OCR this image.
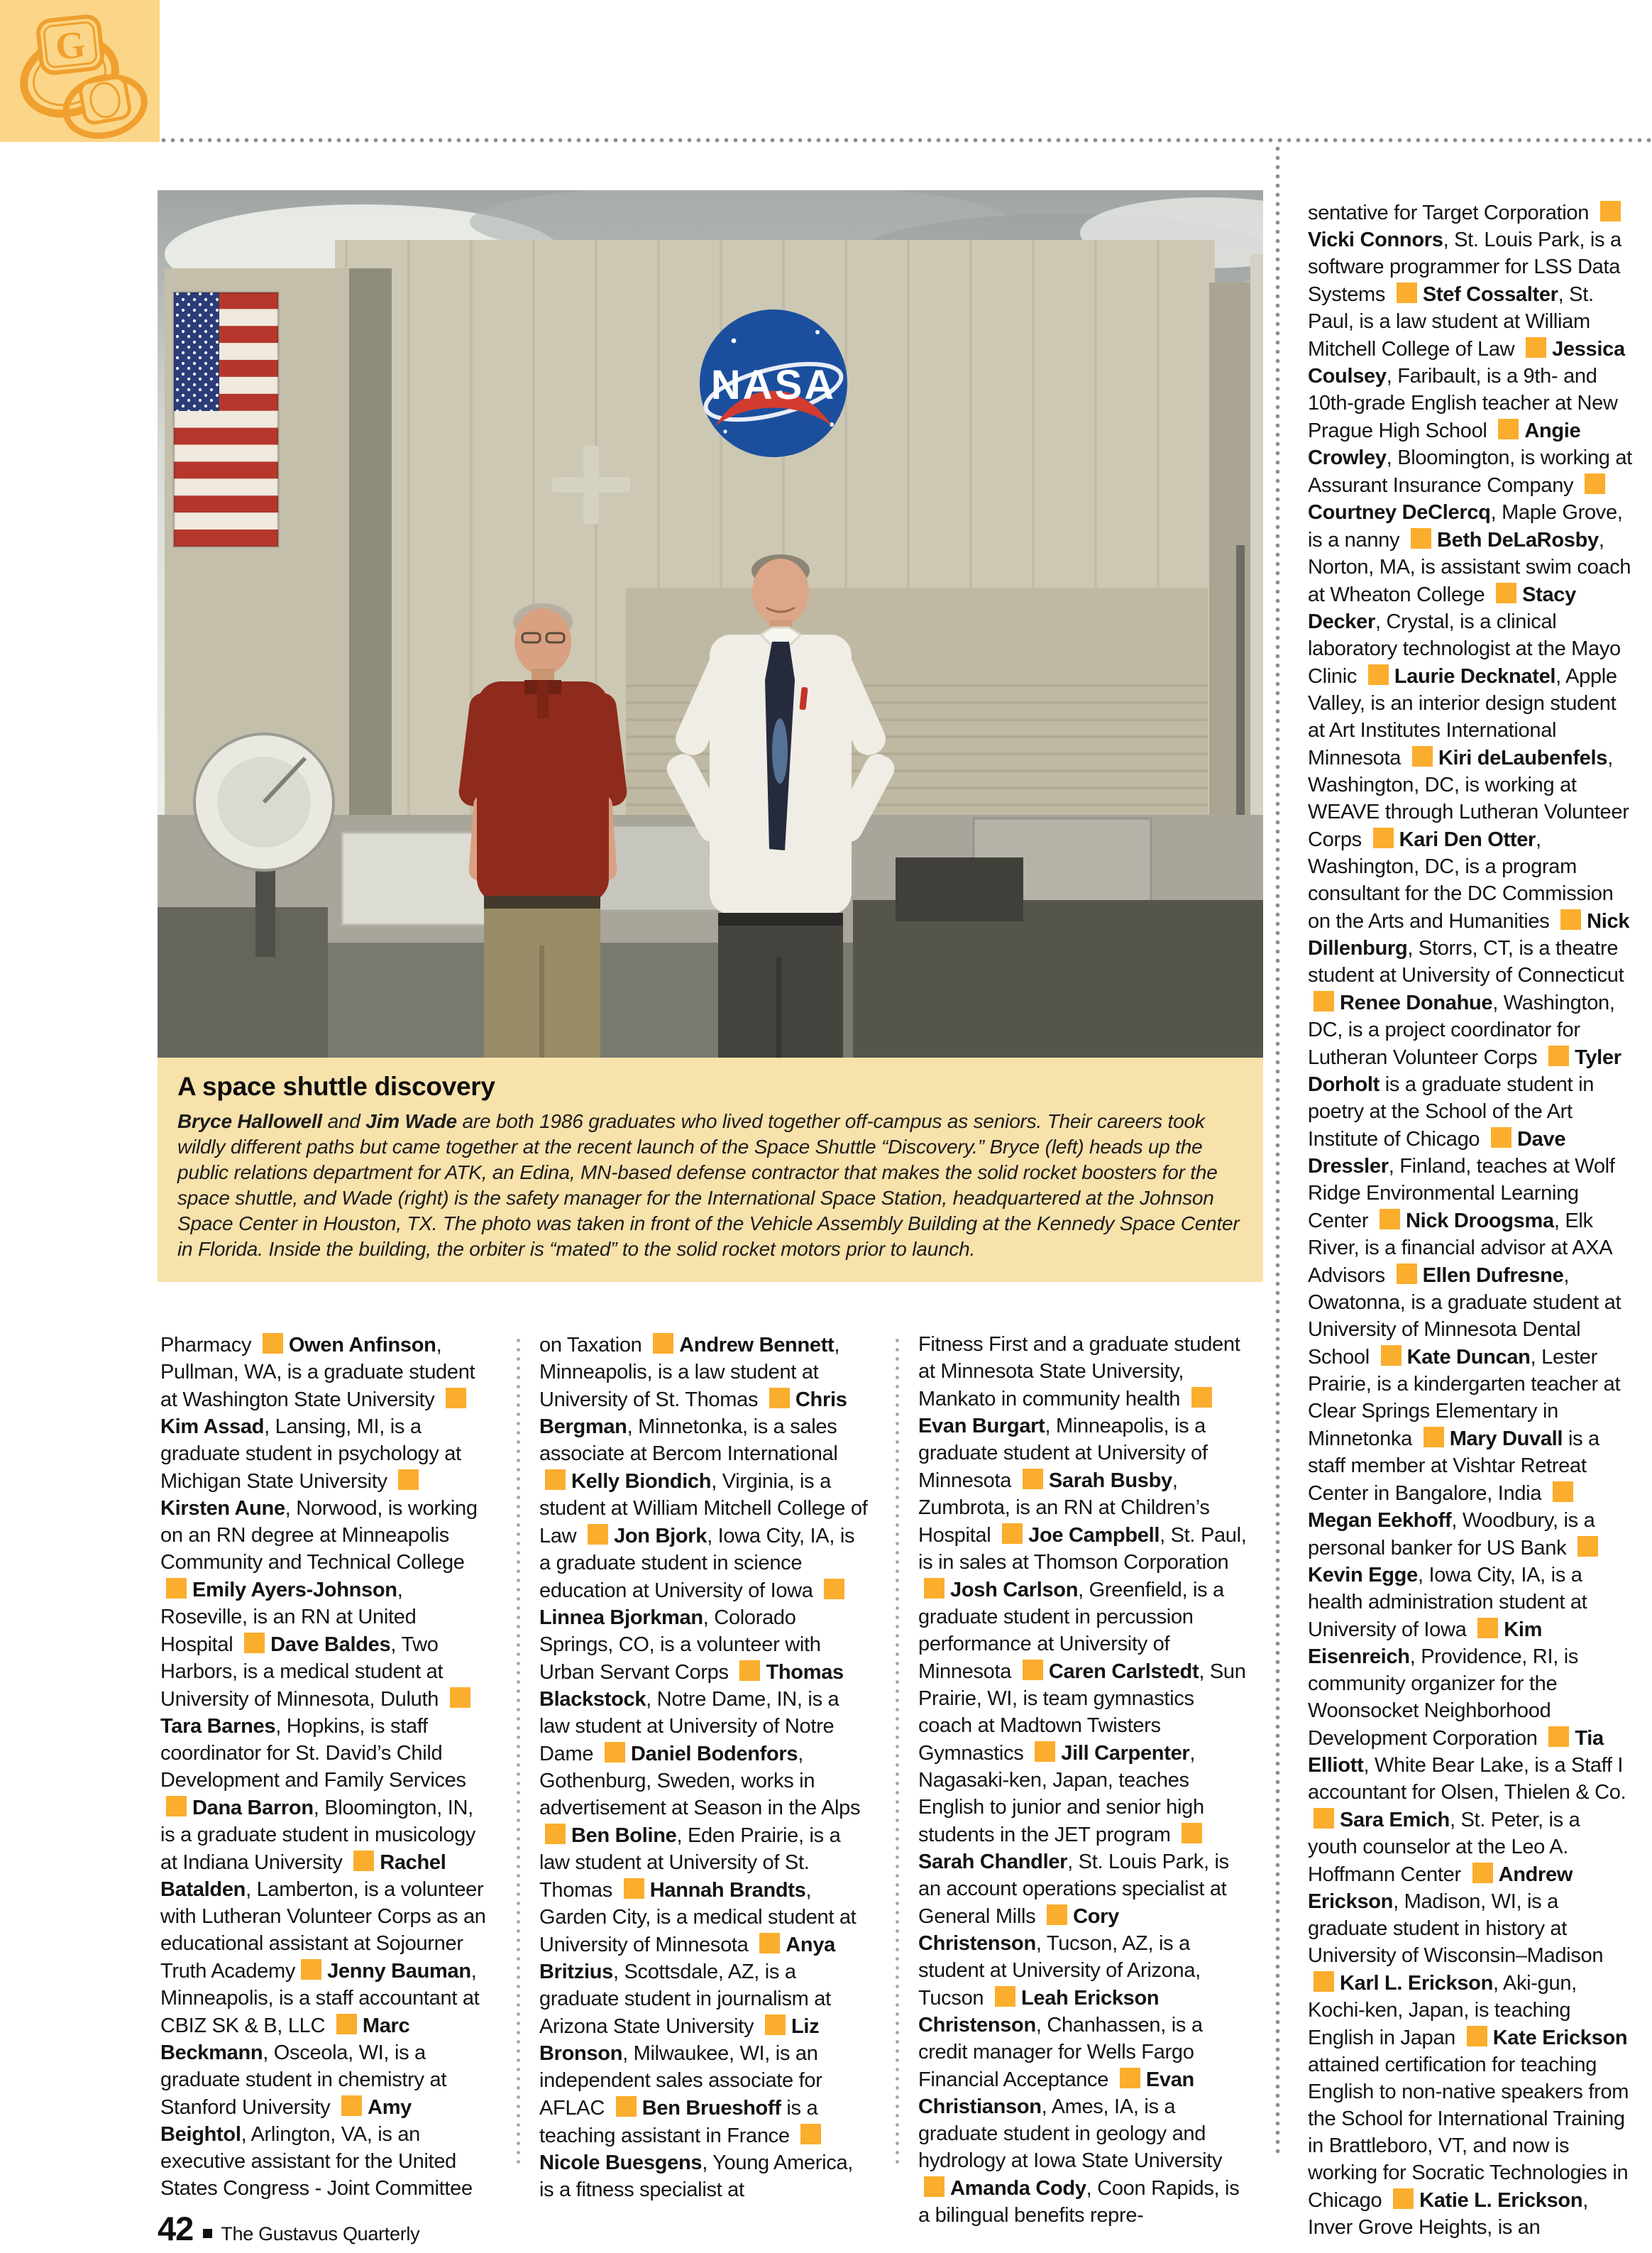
G
NASA
A space shuttle discovery
Bryce Hallowell and Jim Wade are both 1986 graduates who lived together off-campus as seniors. Their careers took wildly different paths but came together at the recent launch of the Space Shuttle “Discovery.” Bryce (left) heads up the public relations department for ATK, an Edina, MN-based defense contractor that makes the solid rocket boosters for the space shuttle, and Wade (right) is the safety manager for the International Space Station, headquartered at the Johnson Space Center in Houston, TX. The photo was taken in front of the Vehicle Assembly Building at the Kennedy Space Center in Florida. Inside the building, the orbiter is “mated” to the solid rocket motors prior to launch.
Pharmacy Owen Anfinson, Pullman, WA, is a graduate student at Washington State University Kim Assad, Lansing, MI, is a graduate student in psychology at Michigan State University Kirsten Aune, Norwood, is working on an RN degree at Minneapolis Community and Technical College Emily Ayers-Johnson, Roseville, is an RN at United Hospital Dave Baldes, Two Harbors, is a medical student at University of Minnesota, Duluth Tara Barnes, Hopkins, is staff coordinator for St. David’s Child Development and Family Services Dana Barron, Bloomington, IN, is a graduate student in musicology at Indiana University Rachel Batalden, Lamberton, is a volunteer with Lutheran Volunteer Corps as an educational assistant at Sojourner Truth Academy Jenny Bauman, Minneapolis, is a staff accountant at CBIZ SK & B, LLC Marc Beckmann, Osceola, WI, is a graduate student in chemistry at Stanford University Amy Beightol, Arlington, VA, is an executive assistant for the United States Congress - Joint Committee
on Taxation Andrew Bennett, Minneapolis, is a law student at University of St. Thomas Chris Bergman, Minnetonka, is a sales associate at Bercom International Kelly Biondich, Virginia, is a student at William Mitchell College of Law Jon Bjork, Iowa City, IA, is a graduate student in science education at University of Iowa Linnea Bjorkman, Colorado Springs, CO, is a volunteer with Urban Servant Corps Thomas Blackstock, Notre Dame, IN, is a law student at University of Notre Dame Daniel Bodenfors, Gothenburg, Sweden, works in advertisement at Season in the Alps Ben Boline, Eden Prairie, is a law student at University of St. Thomas Hannah Brandts, Garden City, is a medical student at University of Minnesota Anya Britzius, Scottsdale, AZ, is a graduate student in journalism at Arizona State University Liz Bronson, Milwaukee, WI, is an independent sales associate for AFLAC Ben Brueshoff is a teaching assistant in France Nicole Buesgens, Young America, is a fitness specialist at
Fitness First and a graduate student at Minnesota State University, Mankato in community health Evan Burgart, Minneapolis, is a graduate student at University of Minnesota Sarah Busby, Zumbrota, is an RN at Children’s Hospital Joe Campbell, St. Paul, is in sales at Thomson Corporation Josh Carlson, Greenfield, is a graduate student in percussion performance at University of Minnesota Caren Carlstedt, Sun Prairie, WI, is team gymnastics coach at Madtown Twisters Gymnastics Jill Carpenter, Nagasaki-ken, Japan, teaches English to junior and senior high students in the JET program Sarah Chandler, St. Louis Park, is an account operations specialist at General Mills Cory Christenson, Tucson, AZ, is a student at University of Arizona, Tucson Leah Erickson Christenson, Chanhassen, is a credit manager for Wells Fargo Financial Acceptance Evan Christianson, Ames, IA, is a graduate student in geology and hydrology at Iowa State University Amanda Cody, Coon Rapids, is a bilingual benefits repre-
sentative for Target Corporation Vicki Connors, St. Louis Park, is a software programmer for LSS Data Systems Stef Cossalter, St. Paul, is a law student at William Mitchell College of Law Jessica Coulsey, Faribault, is a 9th- and 10th-grade English teacher at New Prague High School Angie Crowley, Bloomington, is working at Assurant Insurance Company Courtney DeClercq, Maple Grove, is a nanny Beth DeLaRosby, Norton, MA, is assistant swim coach at Wheaton College Stacy Decker, Crystal, is a clinical laboratory technologist at the Mayo Clinic Laurie Decknatel, Apple Valley, is an interior design student at Art Institutes International Minnesota Kiri deLaubenfels, Washington, DC, is working at WEAVE through Lutheran Volunteer Corps Kari Den Otter, Washington, DC, is a program consultant for the DC Commission on the Arts and Humanities Nick Dillenburg, Storrs, CT, is a theatre student at University of Connecticut Renee Donahue, Washington, DC, is a project coordinator for Lutheran Volunteer Corps Tyler Dorholt is a graduate student in poetry at the School of the Art Institute of Chicago Dave Dressler, Finland, teaches at Wolf Ridge Environmental Learning Center Nick Droogsma, Elk River, is a financial advisor at AXA Advisors Ellen Dufresne, Owatonna, is a graduate student at University of Minnesota Dental School Kate Duncan, Lester Prairie, is a kindergarten teacher at Clear Springs Elementary in Minnetonka Mary Duvall is a staff member at Vishtar Retreat Center in Bangalore, India Megan Eekhoff, Woodbury, is a personal banker for US Bank Kevin Egge, Iowa City, IA, is a health administration student at University of Iowa Kim Eisenreich, Providence, RI, is community organizer for the Woonsocket Neighborhood Development Corporation Tia Elliott, White Bear Lake, is a Staff I accountant for Olsen, Thielen & Co. Sara Emich, St. Peter, is a youth counselor at the Leo A. Hoffmann Center Andrew Erickson, Madison, WI, is a graduate student in history at University of Wisconsin–Madison Karl L. Erickson, Aki-gun, Kochi-ken, Japan, is teaching English in Japan Kate Erickson attained certification for teaching English to non-native speakers from the School for International Training in Brattleboro, VT, and now is working for Socratic Technologies in Chicago Katie L. Erickson, Inver Grove Heights, is an
42 The Gustavus Quarterly
